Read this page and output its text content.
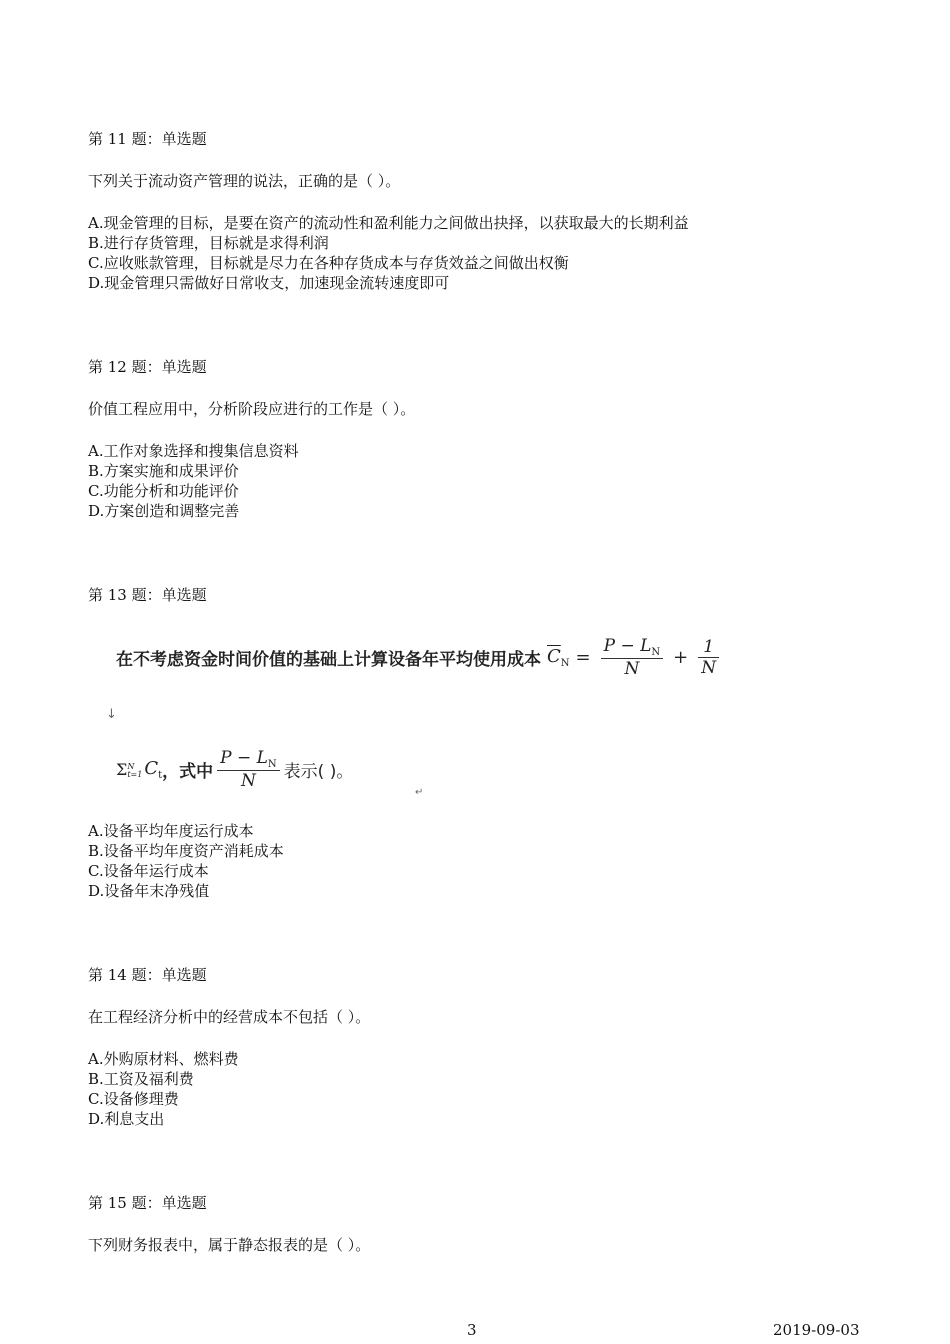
第 11 题：单选题
下列关于流动资产管理的说法，正确的是（ ）。
A.现金管理的目标，是要在资产的流动性和盈利能力之间做出抉择，以获取最大的长期利益
B.进行存货管理，目标就是求得利润
C.应收账款管理，目标就是尽力在各种存货成本与存货效益之间做出权衡
D.现金管理只需做好日常收支，加速现金流转速度即可
第 12 题：单选题
价值工程应用中，分析阶段应进行的工作是（ ）。
A.工作对象选择和搜集信息资料
B.方案实施和成果评价
C.功能分析和功能评价
D.方案创造和调整完善
第 13 题：单选题
在不考虑资金时间价值的基础上计算设备年平均使用成本 $\overline{C}_N = \frac{P - L_N}{N} + \frac{1}{N}$
↓
Σ N
t=1 $C_t$ ，式中 $\frac{P - L_N}{N}$ 表示( )。
↵
A.设备平均年度运行成本
B.设备平均年度资产消耗成本
C.设备年运行成本
D.设备年末净残值
第 14 题：单选题
在工程经济分析中的经营成本不包括（ ）。
A.外购原材料、燃料费
B.工资及福利费
C.设备修理费
D.利息支出
第 15 题：单选题
下列财务报表中，属于静态报表的是（ ）。
3	2019-09-03
